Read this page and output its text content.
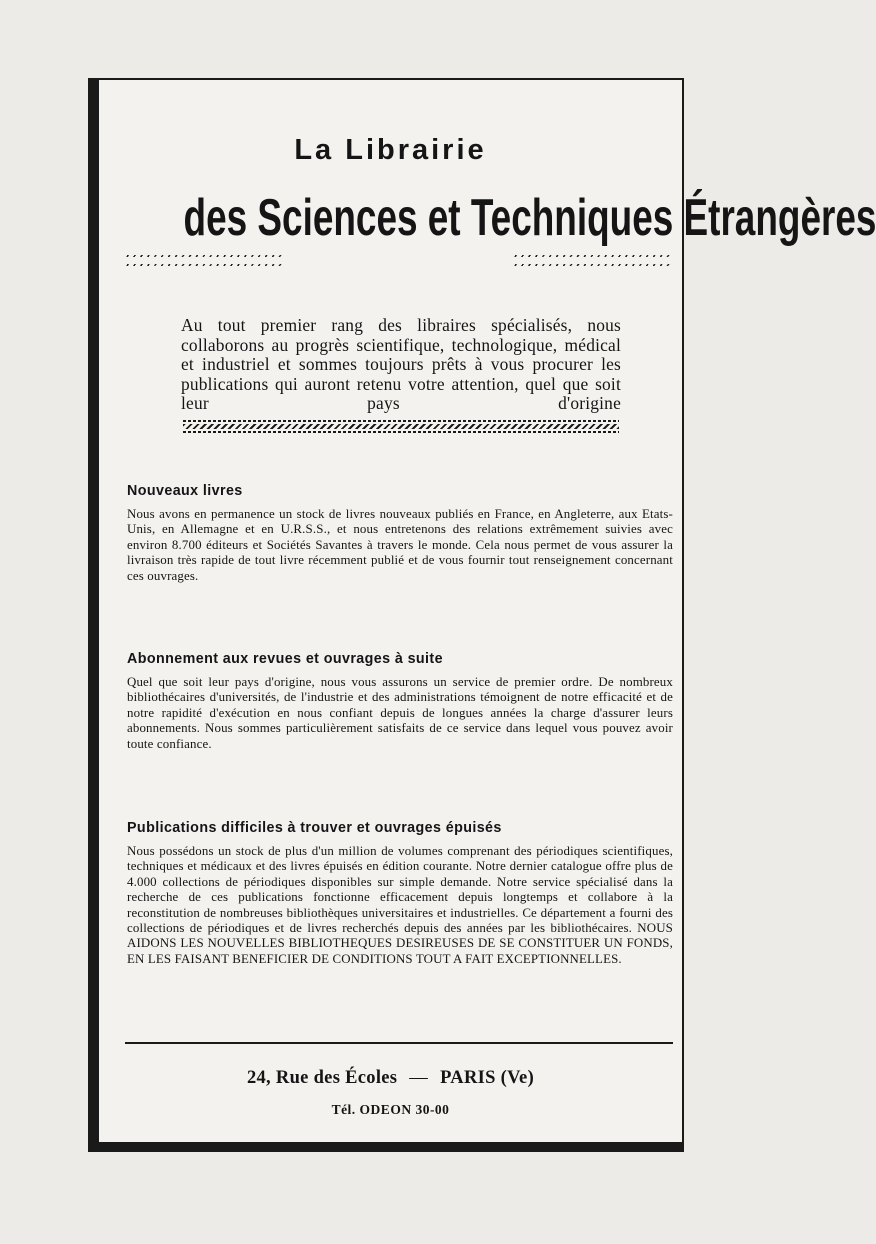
La Librairie
des Sciences et Techniques Étrangères
Au tout premier rang des libraires spécialisés, nous collaborons au progrès scientifique, technologique, médical et industriel et sommes toujours prêts à vous procurer les publications qui auront retenu votre attention, quel que soit leur pays d'origine
Nouveaux livres

Nous avons en permanence un stock de livres nouveaux publiés en France, en Angleterre, aux Etats-Unis, en Allemagne et en U.R.S.S., et nous entretenons des relations extrêmement suivies avec environ 8.700 éditeurs et Sociétés Savantes à travers le monde. Cela nous permet de vous assurer la livraison très rapide de tout livre récemment publié et de vous fournir tout renseignement concernant ces ouvrages.

Abonnement aux revues et ouvrages à suite

Quel que soit leur pays d'origine, nous vous assurons un service de premier ordre. De nombreux bibliothécaires d'universités, de l'industrie et des administrations témoignent de notre efficacité et de notre rapidité d'exécution en nous confiant depuis de longues années la charge d'assurer leurs abonnements. Nous sommes particulièrement satisfaits de ce service dans lequel vous pouvez avoir toute confiance.

Publications difficiles à trouver et ouvrages épuisés

Nous possédons un stock de plus d'un million de volumes comprenant des périodiques scientifiques, techniques et médicaux et des livres épuisés en édition courante. Notre dernier catalogue offre plus de 4.000 collections de périodiques disponibles sur simple demande. Notre service spécialisé dans la recherche de ces publications fonctionne efficacement depuis longtemps et collabore à la reconstitution de nombreuses bibliothèques universitaires et industrielles. Ce département a fourni des collections de périodiques et de livres recherchés depuis des années par les bibliothécaires. NOUS AIDONS LES NOUVELLES BIBLIOTHEQUES DESIREUSES DE SE CONSTITUER UN FONDS, EN LES FAISANT BENEFICIER DE CONDITIONS TOUT A FAIT EXCEPTIONNELLES.

24, Rue des Écoles — PARIS (Ve)
Tél. ODEON 30-00
